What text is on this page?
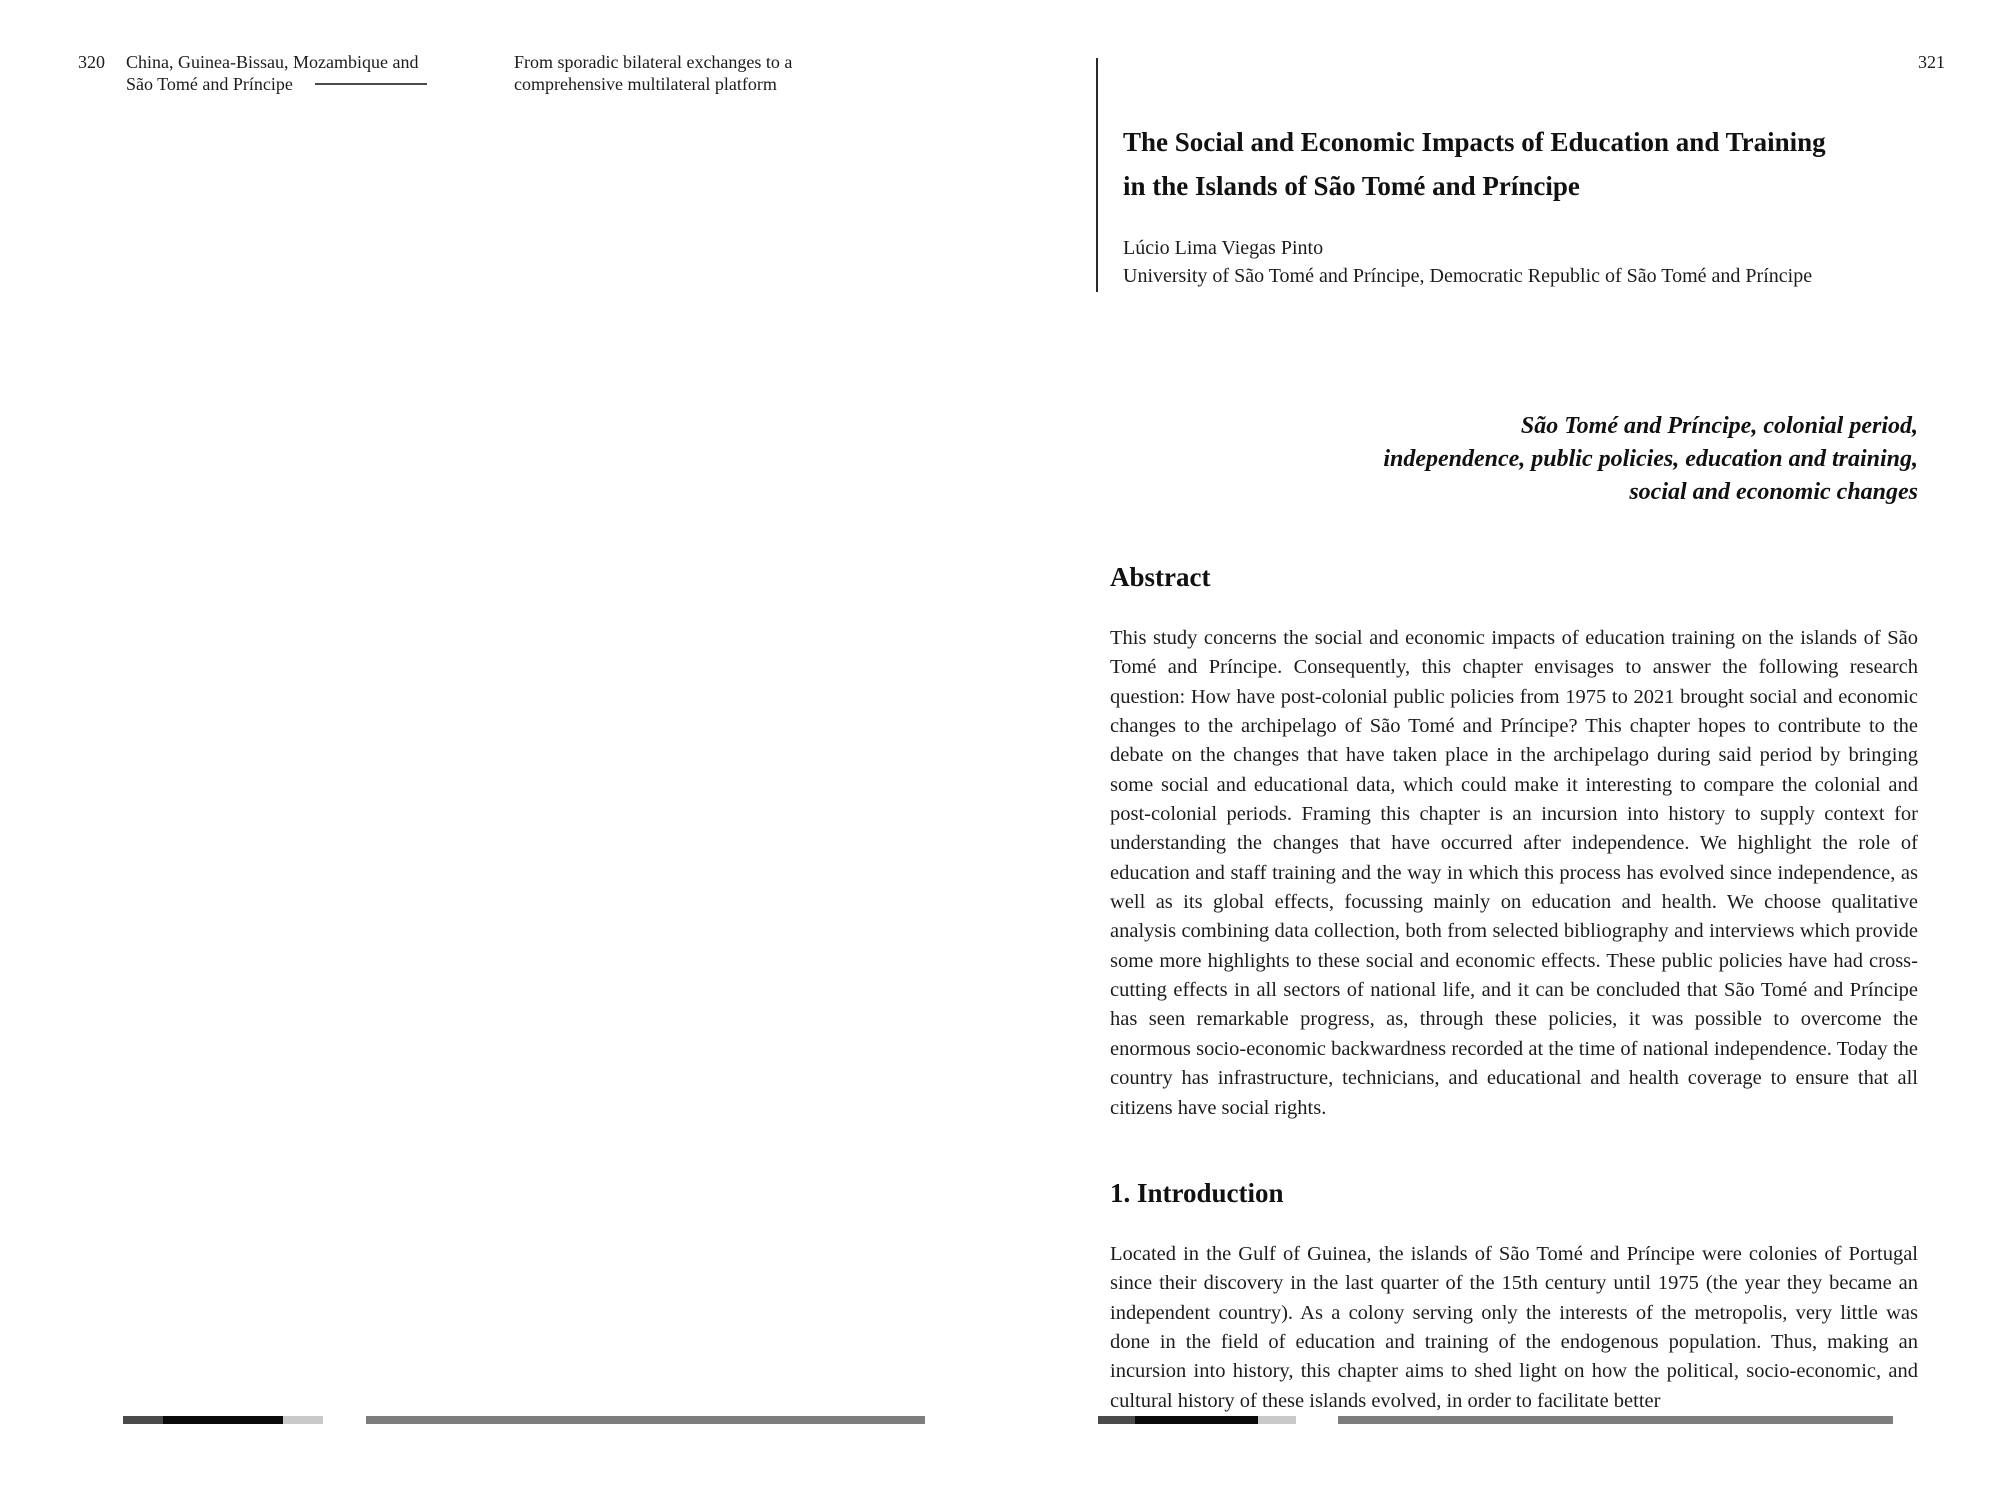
320 China, Guinea-Bissau, Mozambique and
São Tomé and Príncipe
From sporadic bilateral exchanges to a
comprehensive multilateral platform
321
The Social and Economic Impacts of Education and Training
in the Islands of São Tomé and Príncipe
Lúcio Lima Viegas Pinto
University of São Tomé and Príncipe, Democratic Republic of São Tomé and Príncipe
São Tomé and Príncipe, colonial period,
independence, public policies, education and training,
social and economic changes
Abstract
This study concerns the social and economic impacts of education training on the islands of São Tomé and Príncipe. Consequently, this chapter envisages to answer the following research question: How have post-colonial public policies from 1975 to 2021 brought social and economic changes to the archipelago of São Tomé and Príncipe? This chapter hopes to contribute to the debate on the changes that have taken place in the archipelago during said period by bringing some social and educational data, which could make it interesting to compare the colonial and post-colonial periods. Framing this chapter is an incursion into history to supply context for understanding the changes that have occurred after independence. We highlight the role of education and staff training and the way in which this process has evolved since independence, as well as its global effects, focussing mainly on education and health. We choose qualitative analysis combining data collection, both from selected bibliography and interviews which provide some more highlights to these social and economic effects. These public policies have had cross-cutting effects in all sectors of national life, and it can be concluded that São Tomé and Príncipe has seen remarkable progress, as, through these policies, it was possible to overcome the enormous socio-economic backwardness recorded at the time of national independence. Today the country has infrastructure, technicians, and educational and health coverage to ensure that all citizens have social rights.
1. Introduction
Located in the Gulf of Guinea, the islands of São Tomé and Príncipe were colonies of Portugal since their discovery in the last quarter of the 15th century until 1975 (the year they became an independent country). As a colony serving only the interests of the metropolis, very little was done in the field of education and training of the endogenous population. Thus, making an incursion into history, this chapter aims to shed light on how the political, socio-economic, and cultural history of these islands evolved, in order to facilitate better
